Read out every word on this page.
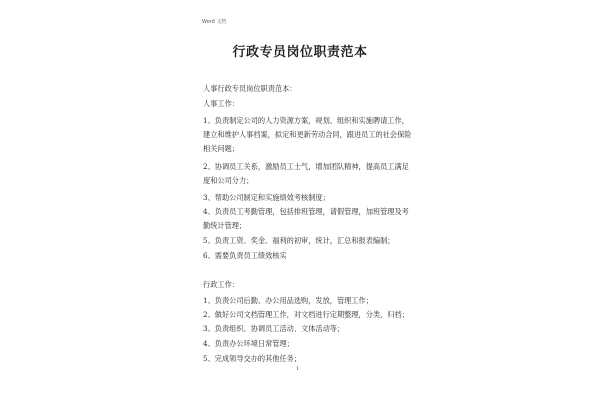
Word 文档
行政专员岗位职责范本
人事行政专员岗位职责范本：
人事工作：
1、负责制定公司的人力资源方案，规划、组织和实施聘请工作，
建立和维护人事档案，拟定和更新劳动合同，跟进员工的社会保险
相关问题；
2、协调员工关系，激励员工士气，增加团队精神，提高员工满足
度和公司分力；
3、帮助公司制定和实施绩效考核制度；
4、负责员工考勤管理，包括排班管理，请假管理，加班管理及考
勤统计管理；
5、负责工资、奖金、福利的初审，统计，汇总和报表编制；
6、需要负责员工绩效核实
行政工作：
1、负责公司后勤、办公用品选购，发放，管理工作；
2、做好公司文档管理工作，对文档进行定期整理，分类，归档；
3、负责组织、协调员工活动、文体活动等；
4、负责办公环境日常管理；
5、完成领导交办的其他任务；
1
